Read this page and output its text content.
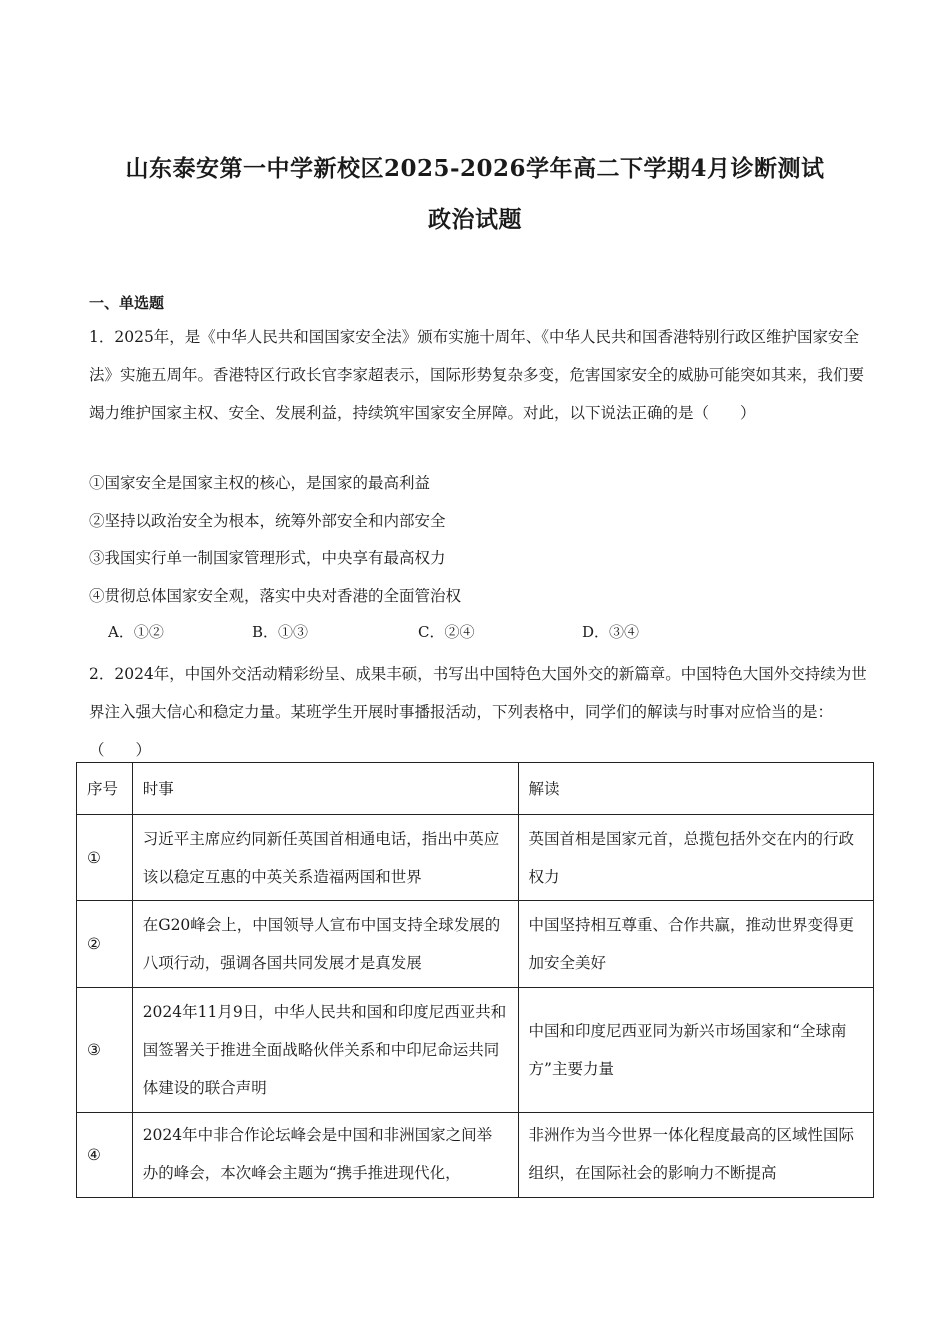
山东泰安第一中学新校区2025-2026学年高二下学期4月诊断测试
政治试题
一、单选题
1．2025年，是《中华人民共和国国家安全法》颁布实施十周年、《中华人民共和国香港特别行政区维护国家安全法》实施五周年。香港特区行政长官李家超表示，国际形势复杂多变，危害国家安全的威胁可能突如其来，我们要竭力维护国家主权、安全、发展利益，持续筑牢国家安全屏障。对此，以下说法正确的是（　　）
①国家安全是国家主权的核心，是国家的最高利益
②坚持以政治安全为根本，统筹外部安全和内部安全
③我国实行单一制国家管理形式，中央享有最高权力
④贯彻总体国家安全观，落实中央对香港的全面管治权
A．①②	B．①③	C．②④	D．③④
2．2024年，中国外交活动精彩纷呈、成果丰硕，书写出中国特色大国外交的新篇章。中国特色大国外交持续为世界注入强大信心和稳定力量。某班学生开展时事播报活动，下列表格中，同学们的解读与时事对应恰当的是：（　　）
序号	时事	解读
①	习近平主席应约同新任英国首相通电话，指出中英应该以稳定互惠的中英关系造福两国和世界	英国首相是国家元首，总揽包括外交在内的行政权力
②	在G20峰会上，中国领导人宣布中国支持全球发展的八项行动，强调各国共同发展才是真发展	中国坚持相互尊重、合作共赢，推动世界变得更加安全美好
③	2024年11月9日，中华人民共和国和印度尼西亚共和国签署关于推进全面战略伙伴关系和中印尼命运共同体建设的联合声明	中国和印度尼西亚同为新兴市场国家和“全球南方”主要力量
④	2024年中非合作论坛峰会是中国和非洲国家之间举办的峰会，本次峰会主题为“携手推进现代化，	非洲作为当今世界一体化程度最高的区域性国际组织，在国际社会的影响力不断提高
